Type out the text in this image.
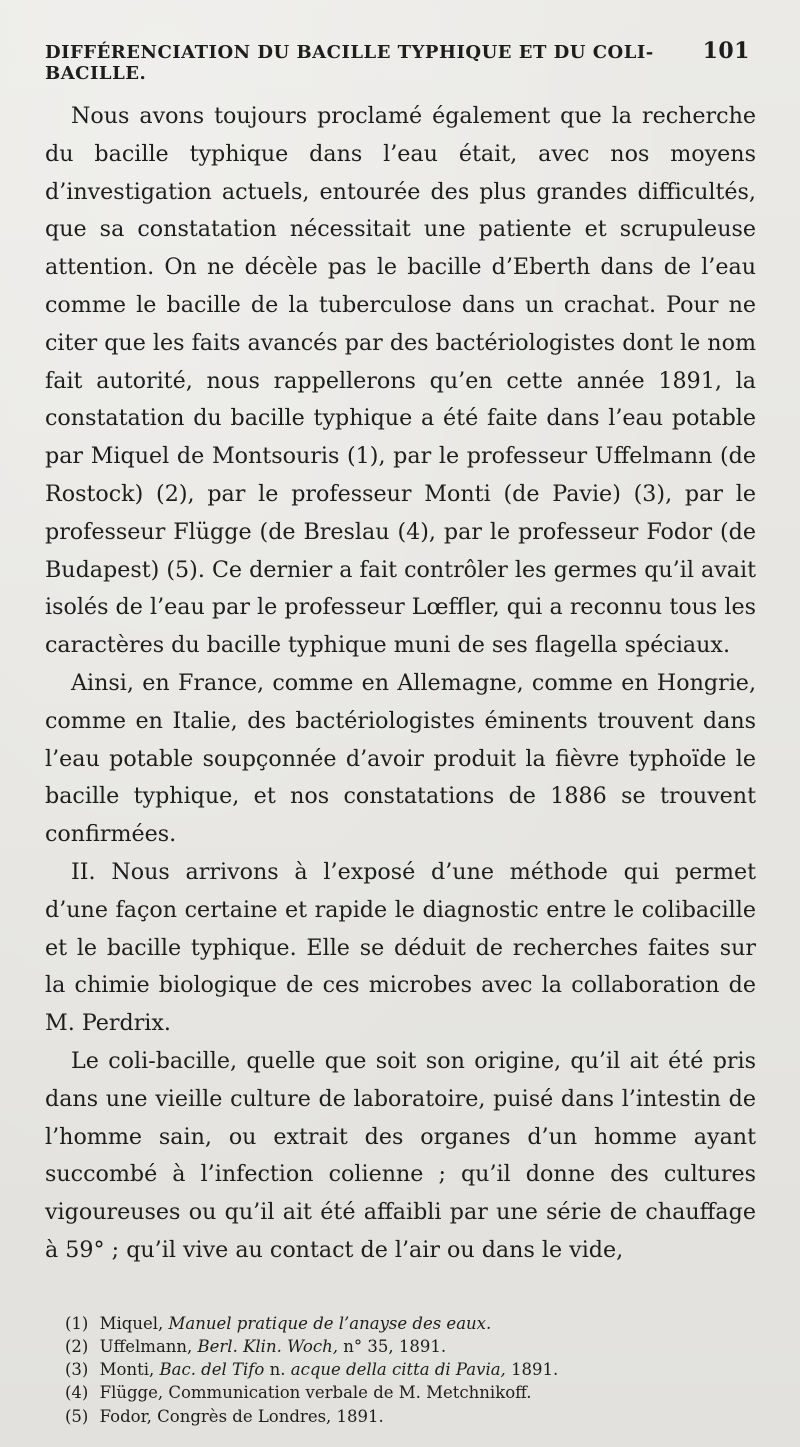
DIFFÉRENCIATION DU BACILLE TYPHIQUE ET DU COLI-BACILLE.
101

Nous avons toujours proclamé également que la recherche du bacille typhique dans l’eau était, avec nos moyens d’investigation actuels, entourée des plus grandes difficultés, que sa constatation nécessitait une patiente et scrupuleuse attention. On ne décèle pas le bacille d’Eberth dans de l’eau comme le bacille de la tuberculose dans un crachat. Pour ne citer que les faits avancés par des bactériologistes dont le nom fait autorité, nous rappellerons qu’en cette année 1891, la constatation du bacille typhique a été faite dans l’eau potable par Miquel de Montsouris (1), par le professeur Uffelmann (de Rostock) (2), par le professeur Monti (de Pavie) (3), par le professeur Flügge (de Breslau (4), par le professeur Fodor (de Budapest) (5). Ce dernier a fait contrôler les germes qu’il avait isolés de l’eau par le professeur Lœffler, qui a reconnu tous les caractères du bacille typhique muni de ses flagella spéciaux.

Ainsi, en France, comme en Allemagne, comme en Hongrie, comme en Italie, des bactériologistes éminents trouvent dans l’eau potable soupçonnée d’avoir produit la fièvre typhoïde le bacille typhique, et nos constatations de 1886 se trouvent confirmées.

II. Nous arrivons à l’exposé d’une méthode qui permet d’une façon certaine et rapide le diagnostic entre le colibacille et le bacille typhique. Elle se déduit de recherches faites sur la chimie biologique de ces microbes avec la collaboration de M. Perdrix.

Le coli-bacille, quelle que soit son origine, qu’il ait été pris dans une vieille culture de laboratoire, puisé dans l’intestin de l’homme sain, ou extrait des organes d’un homme ayant succombé à l’infection colienne ; qu’il donne des cultures vigoureuses ou qu’il ait été affaibli par une série de chauffage à 59° ; qu’il vive au contact de l’air ou dans le vide,

(1) Miquel, Manuel pratique de l’anayse des eaux.
(2) Uffelmann, Berl. Klin. Woch, n° 35, 1891.
(3) Monti, Bac. del Tifo n. acque della citta di Pavia, 1891.
(4) Flügge, Communication verbale de M. Metchnikoff.
(5) Fodor, Congrès de Londres, 1891.
